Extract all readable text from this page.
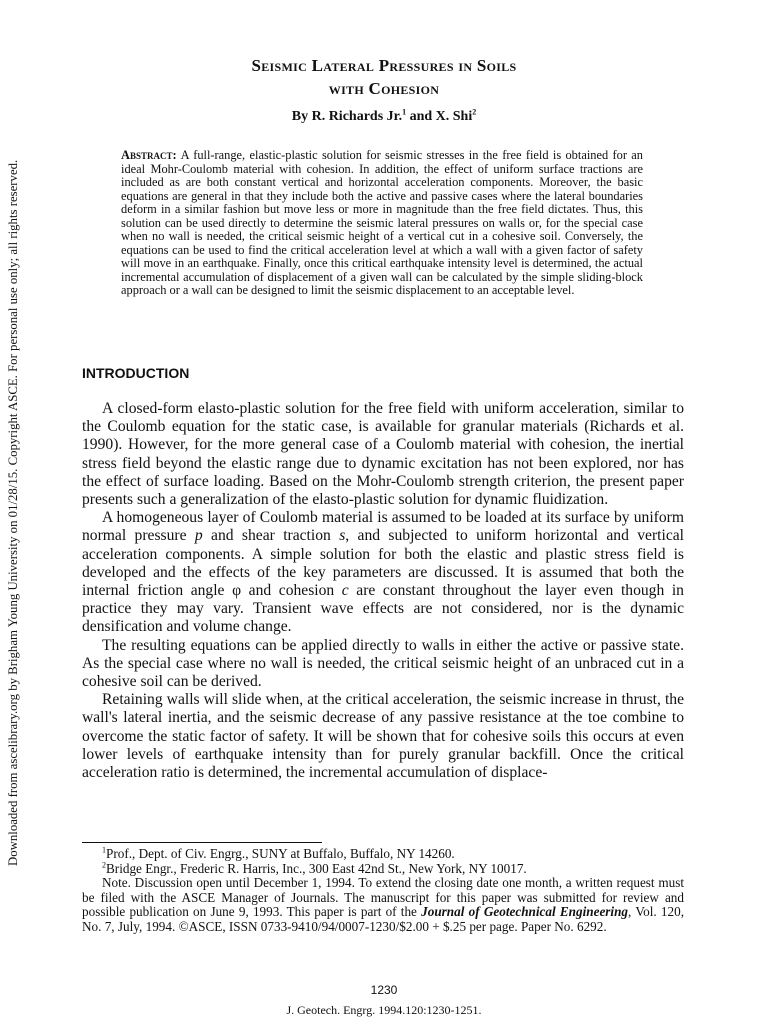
Downloaded from ascelibrary.org by Brigham Young University on 01/28/15. Copyright ASCE. For personal use only; all rights reserved.
Seismic Lateral Pressures in Soils
with Cohesion
By R. Richards Jr.$^1$ and X. Shi$^2$
Abstract: A full-range, elastic-plastic solution for seismic stresses in the free field is obtained for an ideal Mohr-Coulomb material with cohesion. In addition, the effect of uniform surface tractions are included as are both constant vertical and horizontal acceleration components. Moreover, the basic equations are general in that they include both the active and passive cases where the lateral boundaries deform in a similar fashion but move less or more in magnitude than the free field dictates. Thus, this solution can be used directly to determine the seismic lateral pressures on walls or, for the special case when no wall is needed, the critical seismic height of a vertical cut in a cohesive soil. Conversely, the equations can be used to find the critical acceleration level at which a wall with a given factor of safety will move in an earthquake. Finally, once this critical earthquake intensity level is determined, the actual incremental accumulation of displacement of a given wall can be calculated by the simple sliding-block approach or a wall can be designed to limit the seismic displacement to an acceptable level.
INTRODUCTION

A closed-form elasto-plastic solution for the free field with uniform acceleration, similar to the Coulomb equation for the static case, is available for granular materials (Richards et al. 1990). However, for the more general case of a Coulomb material with cohesion, the inertial stress field beyond the elastic range due to dynamic excitation has not been explored, nor has the effect of surface loading. Based on the Mohr-Coulomb strength criterion, the present paper presents such a generalization of the elasto-plastic solution for dynamic fluidization.

A homogeneous layer of Coulomb material is assumed to be loaded at its surface by uniform normal pressure p and shear traction s, and subjected to uniform horizontal and vertical acceleration components. A simple solution for both the elastic and plastic stress field is developed and the effects of the key parameters are discussed. It is assumed that both the internal friction angle φ and cohesion c are constant throughout the layer even though in practice they may vary. Transient wave effects are not considered, nor is the dynamic densification and volume change.

The resulting equations can be applied directly to walls in either the active or passive state. As the special case where no wall is needed, the critical seismic height of an unbraced cut in a cohesive soil can be derived.

Retaining walls will slide when, at the critical acceleration, the seismic increase in thrust, the wall's lateral inertia, and the seismic decrease of any passive resistance at the toe combine to overcome the static factor of safety. It will be shown that for cohesive soils this occurs at even lower levels of earthquake intensity than for purely granular backfill. Once the critical acceleration ratio is determined, the incremental accumulation of displace-

$^1$Prof., Dept. of Civ. Engrg., SUNY at Buffalo, Buffalo, NY 14260.

$^2$Bridge Engr., Frederic R. Harris, Inc., 300 East 42nd St., New York, NY 10017.

Note. Discussion open until December 1, 1994. To extend the closing date one month, a written request must be filed with the ASCE Manager of Journals. The manuscript for this paper was submitted for review and possible publication on June 9, 1993. This paper is part of the Journal of Geotechnical Engineering, Vol. 120, No. 7, July, 1994. ©ASCE, ISSN 0733-9410/94/0007-1230/$2.00 + $.25 per page. Paper No. 6292.

1230
J. Geotech. Engrg. 1994.120:1230-1251.
